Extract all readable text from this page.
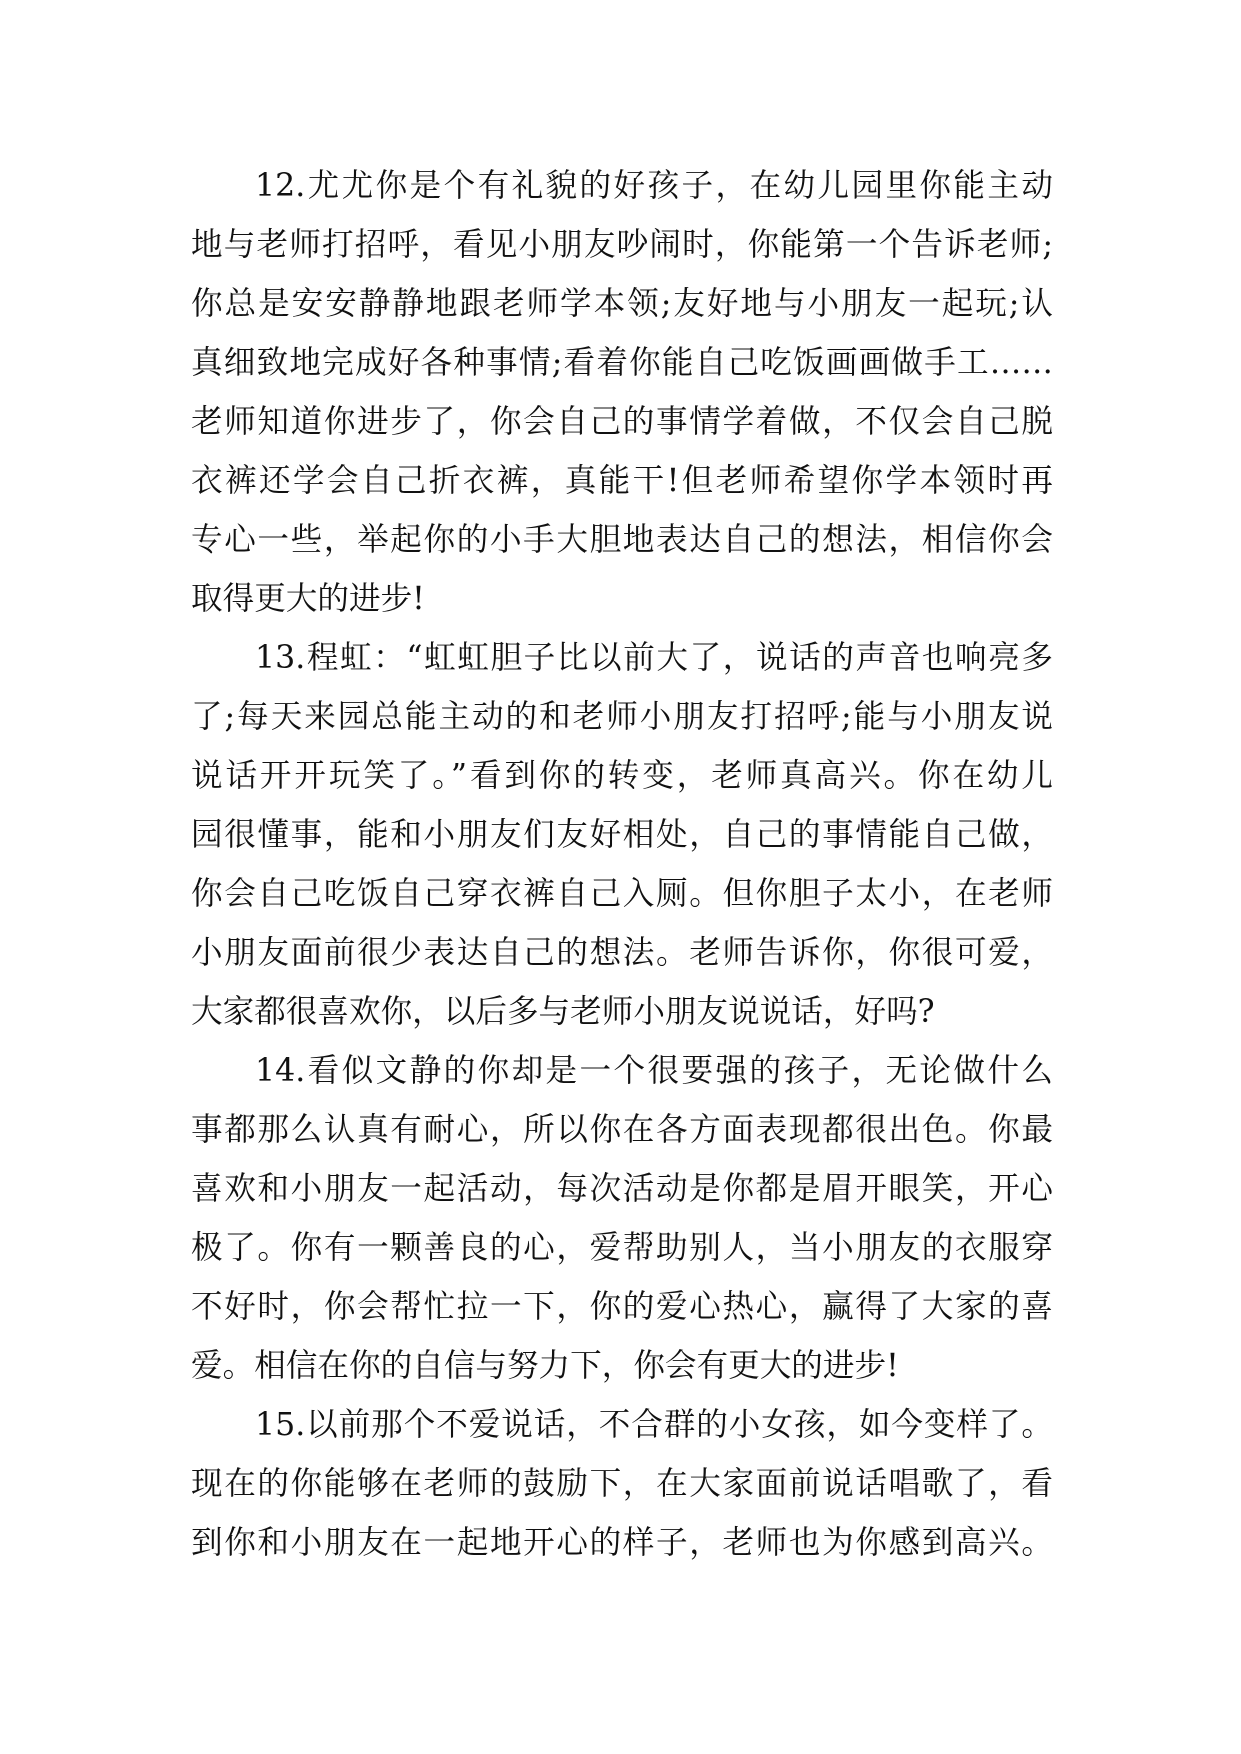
12.尤尤你是个有礼貌的好孩子，在幼儿园里你能主动
地与老师打招呼，看见小朋友吵闹时，你能第一个告诉老师;
你总是安安静静地跟老师学本领;友好地与小朋友一起玩;认
真细致地完成好各种事情;看着你能自己吃饭画画做手工……
老师知道你进步了，你会自己的事情学着做，不仅会自己脱
衣裤还学会自己折衣裤，真能干!但老师希望你学本领时再
专心一些，举起你的小手大胆地表达自己的想法，相信你会
取得更大的进步!
13.程虹：“虹虹胆子比以前大了，说话的声音也响亮多
了;每天来园总能主动的和老师小朋友打招呼;能与小朋友说
说话开开玩笑了。”看到你的转变，老师真高兴。你在幼儿
园很懂事，能和小朋友们友好相处，自己的事情能自己做，
你会自己吃饭自己穿衣裤自己入厕。但你胆子太小，在老师
小朋友面前很少表达自己的想法。老师告诉你，你很可爱，
大家都很喜欢你，以后多与老师小朋友说说话，好吗?
14.看似文静的你却是一个很要强的孩子，无论做什么
事都那么认真有耐心，所以你在各方面表现都很出色。你最
喜欢和小朋友一起活动，每次活动是你都是眉开眼笑，开心
极了。你有一颗善良的心，爱帮助别人，当小朋友的衣服穿
不好时，你会帮忙拉一下，你的爱心热心，赢得了大家的喜
爱。相信在你的自信与努力下，你会有更大的进步!
15.以前那个不爱说话，不合群的小女孩，如今变样了。
现在的你能够在老师的鼓励下，在大家面前说话唱歌了，看
到你和小朋友在一起地开心的样子，老师也为你感到高兴。
